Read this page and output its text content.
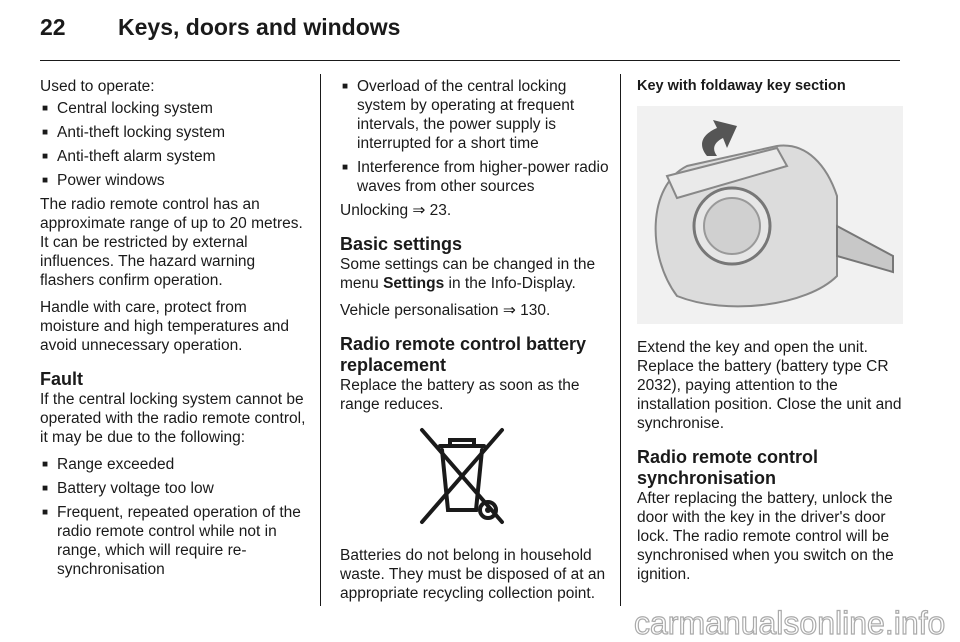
22	Keys, doors and windows

Used to operate:

■ Central locking system
■ Anti-theft locking system
■ Anti-theft alarm system
■ Power windows

The radio remote control has an approximate range of up to 20 metres. It can be restricted by external influences. The hazard warning flashers confirm operation.

Handle with care, protect from moisture and high temperatures and avoid unnecessary operation.

Fault

If the central locking system cannot be operated with the radio remote control, it may be due to the following:

■ Range exceeded
■ Battery voltage too low
■ Frequent, repeated operation of the radio remote control while not in range, which will require re-synchronisation
■ Overload of the central locking system by operating at frequent intervals, the power supply is interrupted for a short time
■ Interference from higher-power radio waves from other sources

Unlocking ⇒ 23.

Basic settings

Some settings can be changed in the menu Settings in the Info-Display.

Vehicle personalisation ⇒ 130.

Radio remote control battery replacement

Replace the battery as soon as the range reduces.

Batteries do not belong in household waste. They must be disposed of at an appropriate recycling collection point.

Key with foldaway key section

Extend the key and open the unit. Replace the battery (battery type CR 2032), paying attention to the installation position. Close the unit and synchronise.

Radio remote control synchronisation

After replacing the battery, unlock the door with the key in the driver's door lock. The radio remote control will be synchronised when you switch on the ignition.

carmanualsonline.info
